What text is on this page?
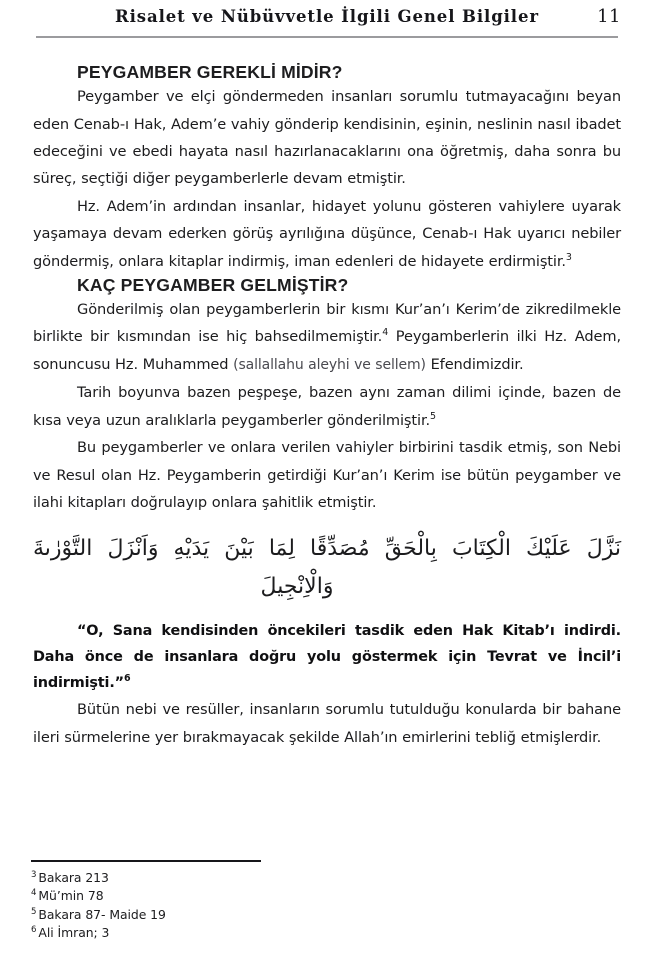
Risalet ve Nübüvvetle İlgili Genel Bilgiler	11
PEYGAMBER GEREKLİ MİDİR?

Peygamber ve elçi göndermeden insanları sorumlu tutmayacağını beyan eden Cenab-ı Hak, Adem’e vahiy gönderip kendisinin, eşinin, neslinin nasıl ibadet edeceğini ve ebedi hayata nasıl hazırlanacaklarını ona öğretmiş, daha sonra bu süreç, seçtiği diğer peygamberlerle devam etmiştir.

Hz. Adem’in ardından insanlar, hidayet yolunu gösteren vahiylere uyarak yaşamaya devam ederken görüş ayrılığına düşünce, Cenab-ı Hak uyarıcı nebiler göndermiş, onlara kitaplar indirmiş, iman edenleri de hidayete erdirmiştir.$^3$

KAÇ PEYGAMBER GELMİŞTİR?

Gönderilmiş olan peygamberlerin bir kısmı Kur’an’ı Kerim’de zikredilmekle birlikte bir kısmından ise hiç bahsedilmemiştir.$^4$ Peygamberlerin ilki Hz. Adem, sonuncusu Hz. Muhammed (sallallahu aleyhi ve sellem) Efendimizdir.

Tarih boyunva bazen peşpeşe, bazen aynı zaman dilimi içinde, bazen de kısa veya uzun aralıklarla peygamberler gönderilmiştir.$^5$

Bu peygamberler ve onlara verilen vahiyler birbirini tasdik etmiş, son Nebi ve Resul olan Hz. Peygamberin getirdiği Kur’an’ı Kerim ise bütün peygamber ve ilahi kitapları doğrulayıp onlara şahitlik etmiştir.

نَزَّلَ عَلَيْكَ الْكِتَابَ بِالْحَقِّ مُصَدِّقًا لِمَا بَيْنَ يَدَيْهِ وَاَنْزَلَ التَّوْرٰىةَ
وَالْاِنْجِيلَ

“O, Sana kendisinden öncekileri tasdik eden Hak Kitab’ı indirdi. Daha önce de insanlara doğru yolu göstermek için Tevrat ve İncil’i indirmişti.”$^6$

Bütün nebi ve resüller, insanların sorumlu tutulduğu konularda bir bahane ileri sürmelerine yer bırakmayacak şekilde Allah’ın emirlerini tebliğ etmişlerdir.

$^3$ Bakara 213
$^4$ Mü’min 78
$^5$ Bakara 87- Maide 19
$^6$ Ali İmran; 3
